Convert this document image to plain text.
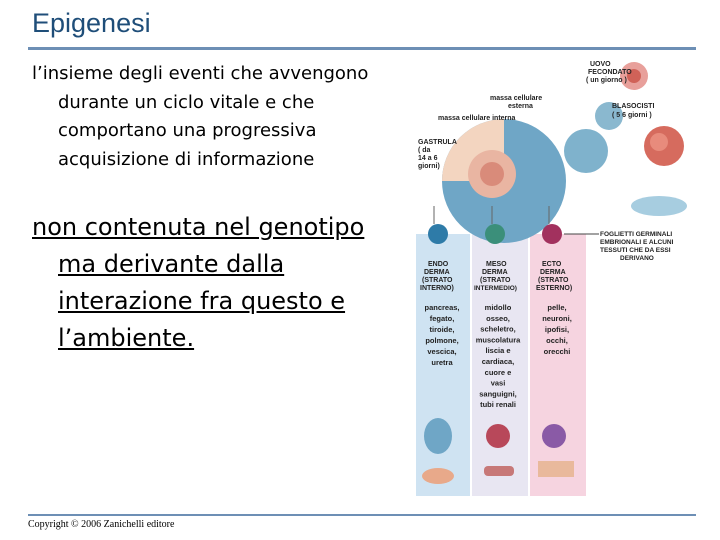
Epigenesi
l’insieme degli eventi che avvengono durante un ciclo vitale e che comportano una progressiva acquisizione di informazione
non contenuta nel genotipo ma derivante dalla interazione fra questo e l’ambiente.
UOVO
FECONDATO
( un giorno )
massa cellulare
esterna
massa cellulare interna
BLASOCISTI
( 5 6 giorni )
GASTRULA
( da
14 a 6
giorni)
FOGLIETTI GERMINALI
EMBRIONALI E ALCUNI
TESSUTI CHE DA ESSI
DERIVANO
ENDO
DERMA
(STRATO
INTERNO)
MESO
DERMA
(STRATO
INTERMEDIO)
ECTO
DERMA
(STRATO
ESTERNO)
pancreas,
fegato,
tiroide,
polmone,
vescica,
uretra
midollo
osseo,
scheletro,
muscolatura
liscia e
cardiaca,
cuore e
vasi
sanguigni,
tubi renali
pelle,
neuroni,
ipofisi,
occhi,
orecchi
Copyright © 2006 Zanichelli editore
